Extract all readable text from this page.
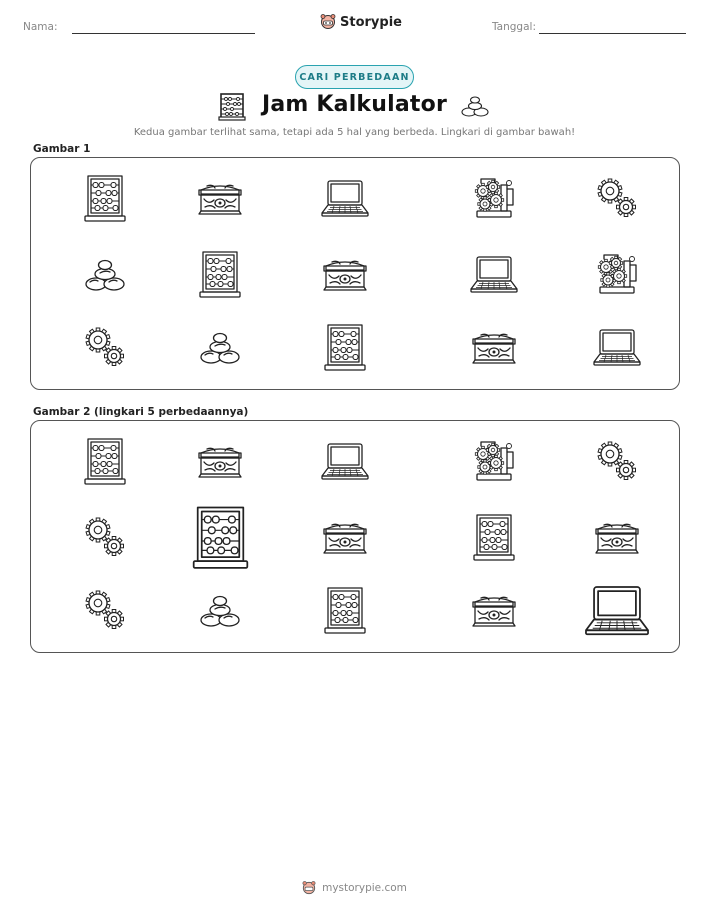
Nama:	Storypie	Tanggal:
CARI PERBEDAAN
Jam Kalkulator
Kedua gambar terlihat sama, tetapi ada 5 hal yang berbeda. Lingkari di gambar bawah!
Gambar 1
Gambar 2 (lingkari 5 perbedaannya)
mystorypie.com
